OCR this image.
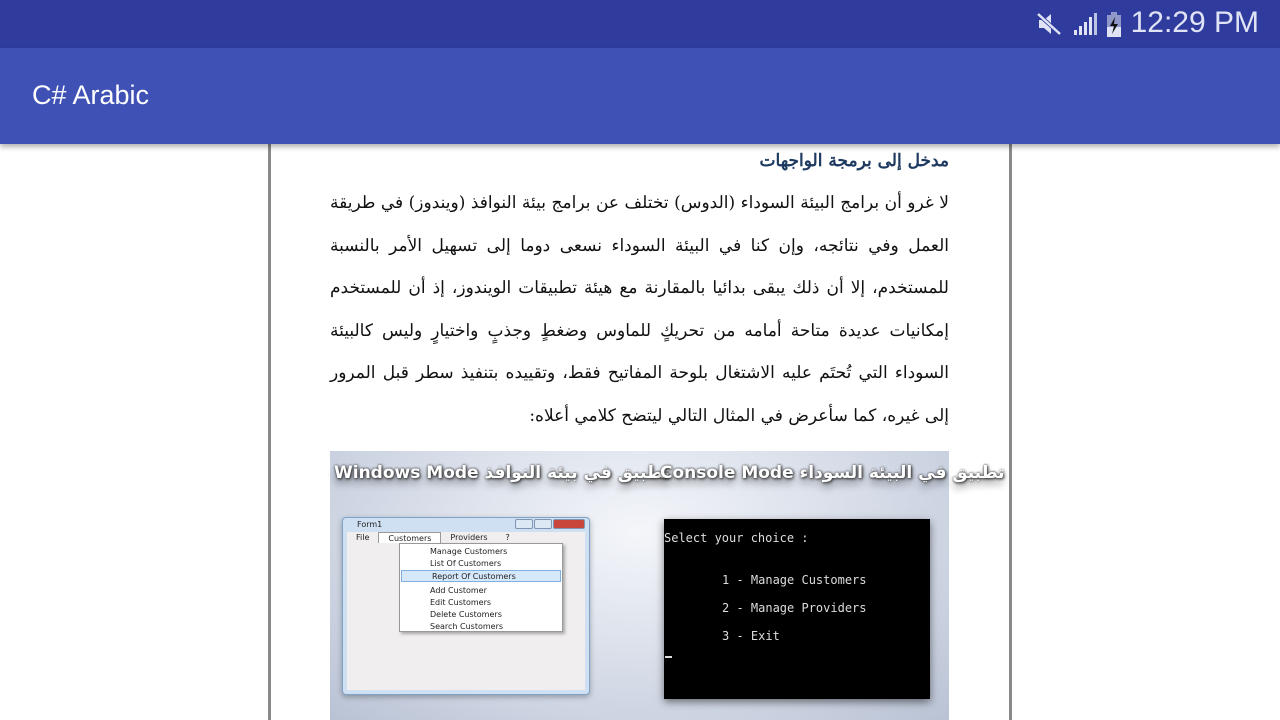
12:29 PM
C# Arabic
مدخل إلى برمجة الواجهات

لا غرو أن برامج البيئة السوداء (الدوس) تختلف عن برامج بيئة النوافذ (ويندوز) في طريقة العمل وفي نتائجه، وإن كنا في البيئة السوداء نسعى دوما إلى تسهيل الأمر بالنسبة للمستخدم، إلا أن ذلك يبقى بدائيا بالمقارنة مع هيئة تطبيقات الويندوز، إذ أن للمستخدم إمكانيات عديدة متاحة أمامه من تحريكٍ للماوس وضغطٍ وجذبٍ واختيارٍ وليس كالبيئة السوداء التي تُحتَم عليه الاشتغال بلوحة المفاتيح فقط، وتقييده بتنفيذ سطر قبل المرور إلى غيره، كما سأعرض في المثال التالي ليتضح كلامي أعلاه:

Windows Mode تطبيق في بيئة النوافذ
Console Mode تطبيق في البيئة السوداء
Form1
File	Customers	Providers	?
Manage Customers
List Of Customers
Report Of Customers
Add Customer
Edit Customers
Delete Customers
Search Customers
Select your choice :
1 - Manage Customers
2 - Manage Providers
3 - Exit
